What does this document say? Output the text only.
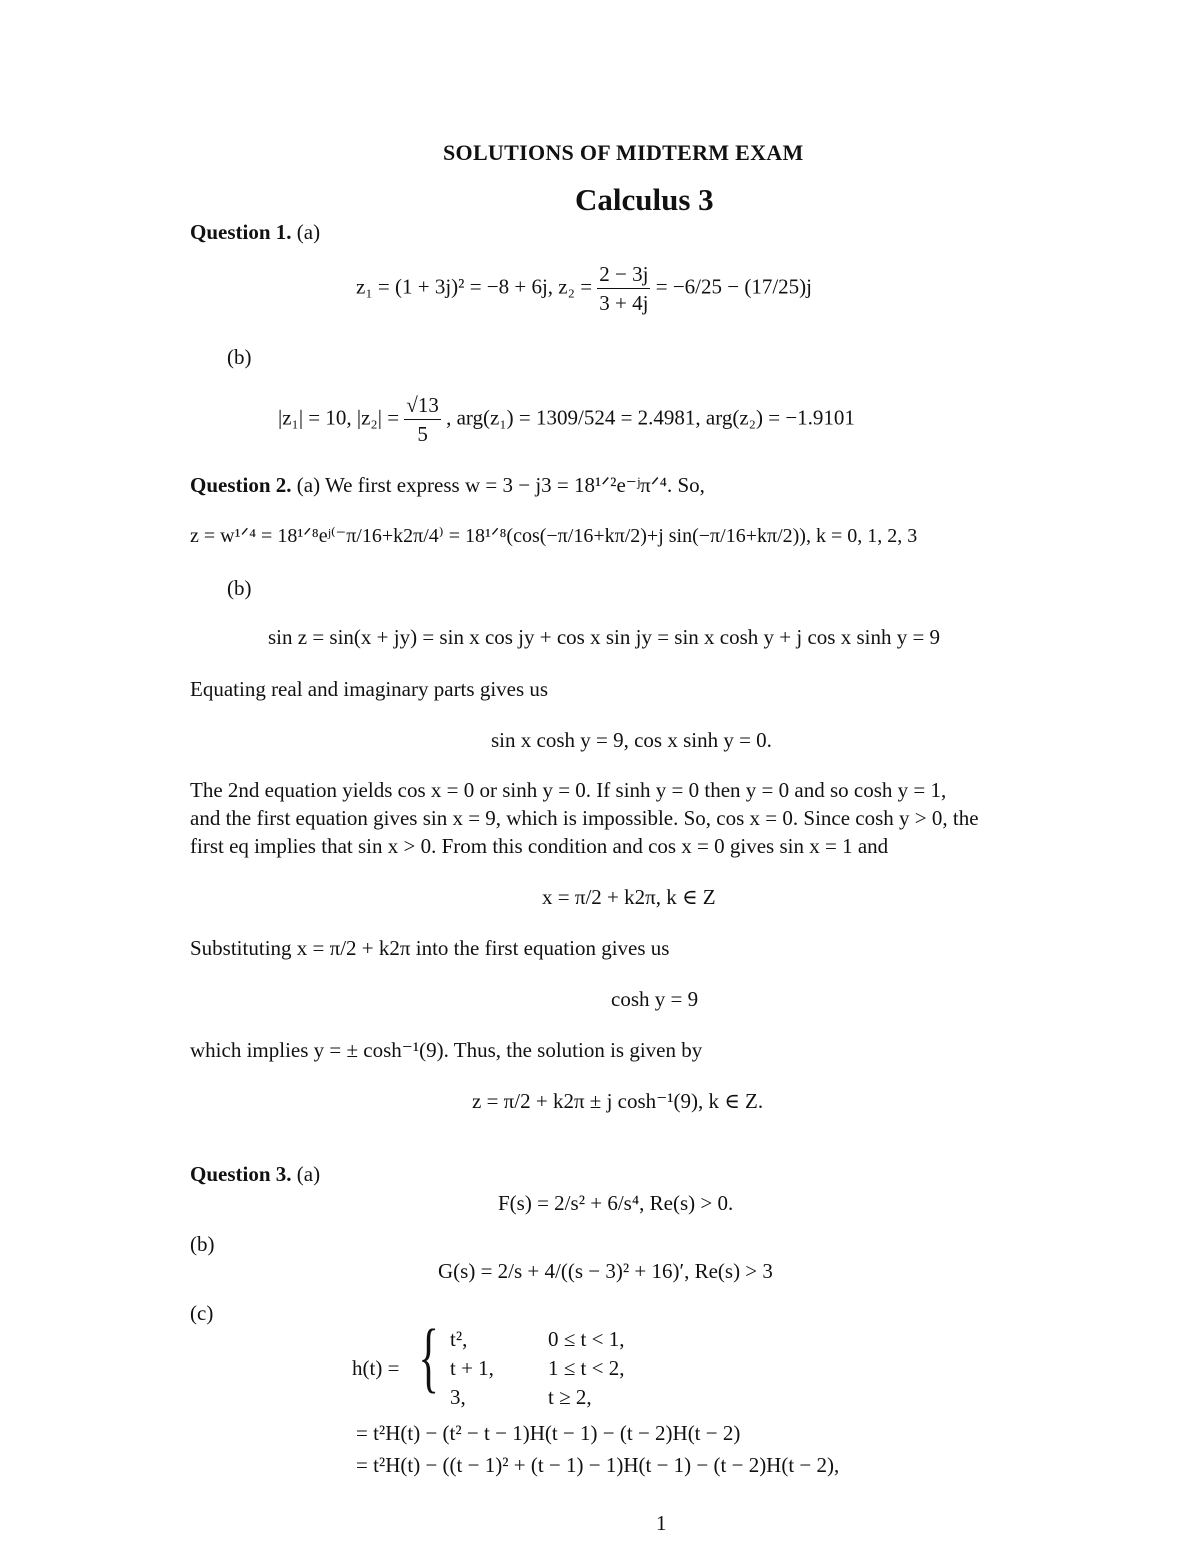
SOLUTIONS OF MIDTERM EXAM
Calculus 3
Question 1. (a)
z₁ = (1 + 3j)² = −8 + 6j, $z_2 = \frac{2 - 3j}{3 + 4j} = -6/25 - (17/25)j$
(b)
|z₁| = 10, $|z_2| = \frac{√13}{5}$ , arg(z₁) = 1309/524 = 2.4981, arg(z₂) = −1.9101
Question 2. (a) We first express w = 3 − j3 = 18¹ᐟ²e⁻ʲπᐟ⁴. So,
z = w¹ᐟ⁴ = 18¹ᐟ⁸eʲ⁽⁻π/16+k2π/4⁾ = 18¹ᐟ⁸(cos(−π/16+kπ/2)+j sin(−π/16+kπ/2)), k = 0, 1, 2, 3
(b)
sin z = sin(x + jy) = sin x cos jy + cos x sin jy = sin x cosh y + j cos x sinh y = 9
Equating real and imaginary parts gives us
sin x cosh y = 9, cos x sinh y = 0.
The 2nd equation yields cos x = 0 or sinh y = 0. If sinh y = 0 then y = 0 and so cosh y = 1,
and the first equation gives sin x = 9, which is impossible. So, cos x = 0. Since cosh y > 0, the
first eq implies that sin x > 0. From this condition and cos x = 0 gives sin x = 1 and
x = π/2 + k2π, k ∈ Z
Substituting x = π/2 + k2π into the first equation gives us
cosh y = 9
which implies y = ± cosh⁻¹(9). Thus, the solution is given by
z = π/2 + k2π ± j cosh⁻¹(9), k ∈ Z.
Question 3. (a)
F(s) = 2/s² + 6/s⁴, Re(s) > 0.
(b)
G(s) = 2/s + 4/((s − 3)² + 16)′, Re(s) > 3
(c)
h(t) = { t²,	0 ≤ t < 1,
t + 1,	1 ≤ t < 2,
3,	t ≥ 2,
= t²H(t) − (t² − t − 1)H(t − 1) − (t − 2)H(t − 2)
= t²H(t) − ((t − 1)² + (t − 1) − 1)H(t − 1) − (t − 2)H(t − 2),
1
